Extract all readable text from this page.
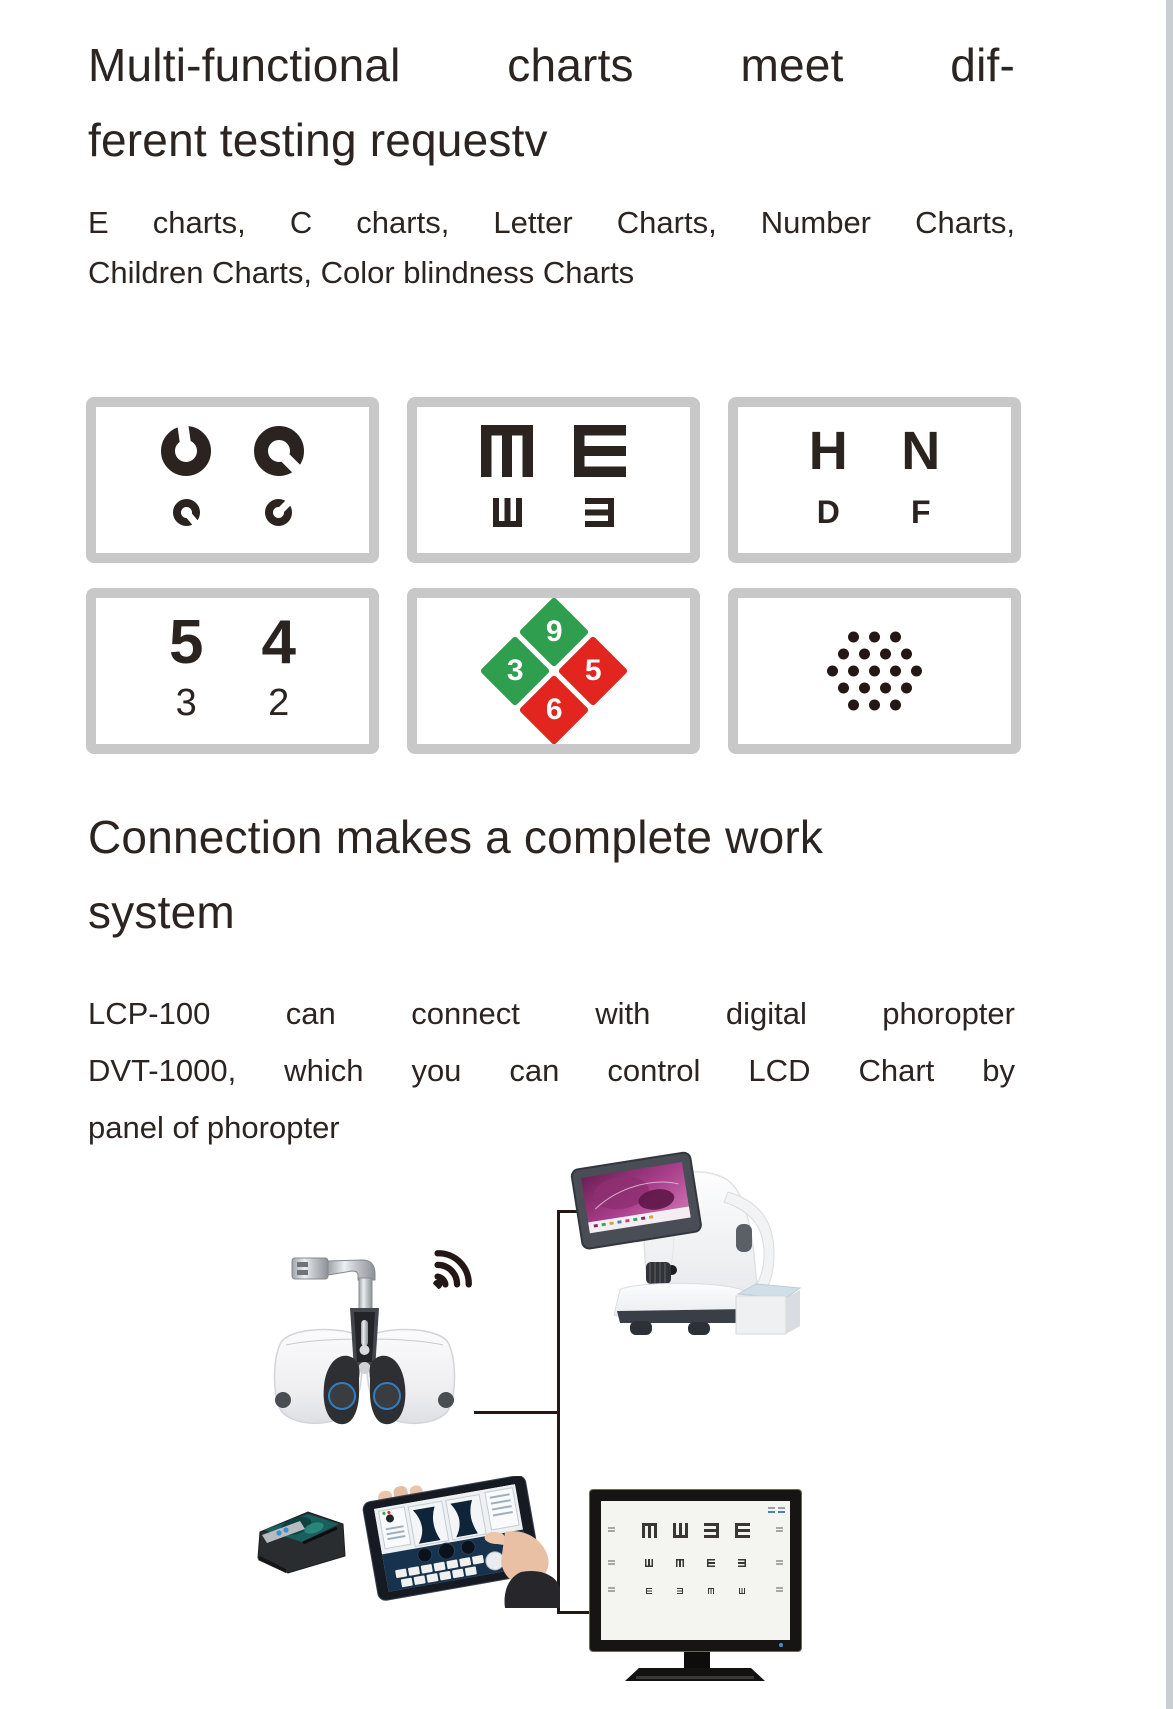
Multi-functional charts meet dif-
ferent testing requestv
E charts, C charts, Letter Charts, Number Charts,
Children Charts, Color blindness Charts
H N
D F
5 4
3 2
9
3 5
6
Connection makes a complete work
system
LCP-100 can connect with digital phoropter
DVT-1000, which you can control LCD Chart by
panel of phoropter
